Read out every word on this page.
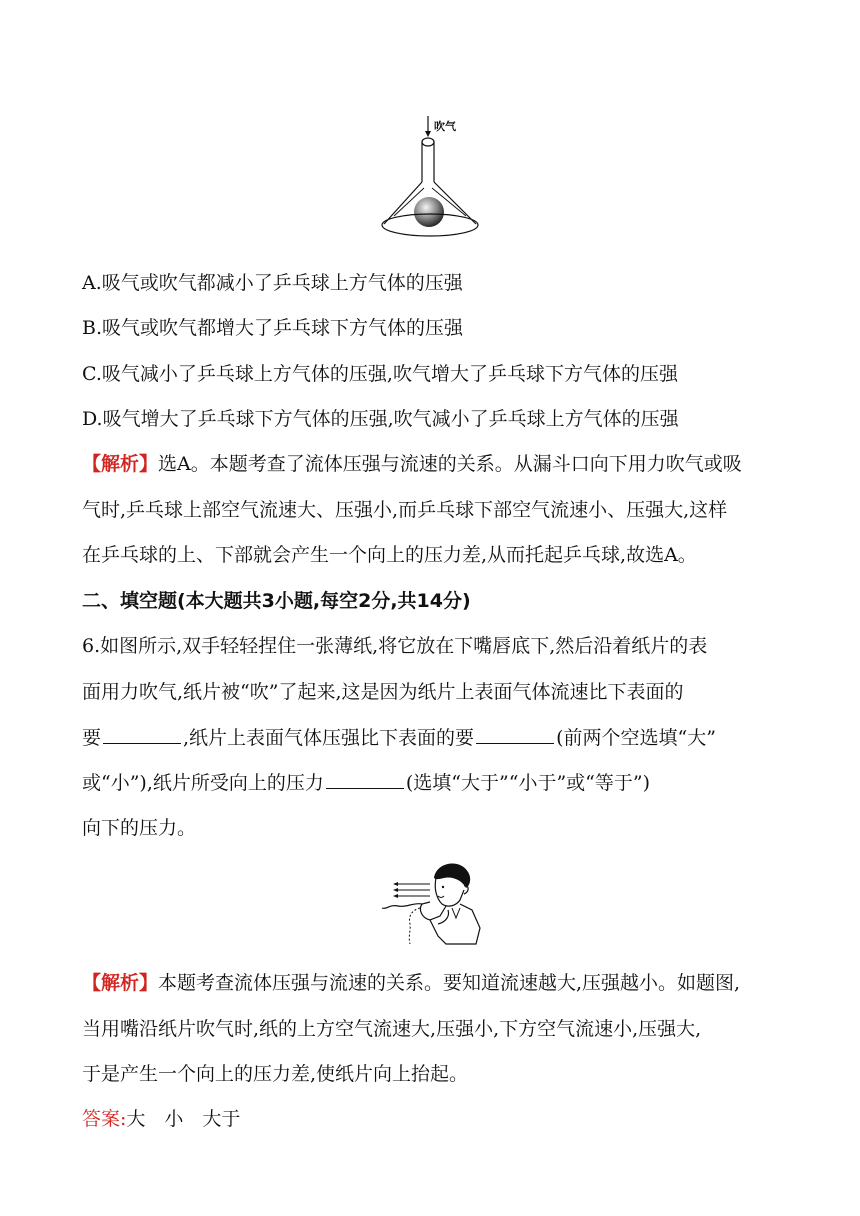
吹气
A.吸气或吹气都减小了乒乓球上方气体的压强
B.吸气或吹气都增大了乒乓球下方气体的压强
C.吸气减小了乒乓球上方气体的压强,吹气增大了乒乓球下方气体的压强
D.吸气增大了乒乓球下方气体的压强,吹气减小了乒乓球上方气体的压强
【解析】选A。本题考查了流体压强与流速的关系。从漏斗口向下用力吹气或吸
气时,乒乓球上部空气流速大、压强小,而乒乓球下部空气流速小、压强大,这样
在乒乓球的上、下部就会产生一个向上的压力差,从而托起乒乓球,故选A。
二、填空题(本大题共3小题,每空2分,共14分)
6.如图所示,双手轻轻捏住一张薄纸,将它放在下嘴唇底下,然后沿着纸片的表
面用力吹气,纸片被“吹”了起来,这是因为纸片上表面气体流速比下表面的
要	,纸片上表面气体压强比下表面的要	(前两个空选填“大”
或“小”),纸片所受向上的压力	(选填“大于”“小于”或“等于”)
向下的压力。
【解析】本题考查流体压强与流速的关系。要知道流速越大,压强越小。如题图,
当用嘴沿纸片吹气时,纸的上方空气流速大,压强小,下方空气流速小,压强大,
于是产生一个向上的压力差,使纸片向上抬起。
答案:大　小　大于
